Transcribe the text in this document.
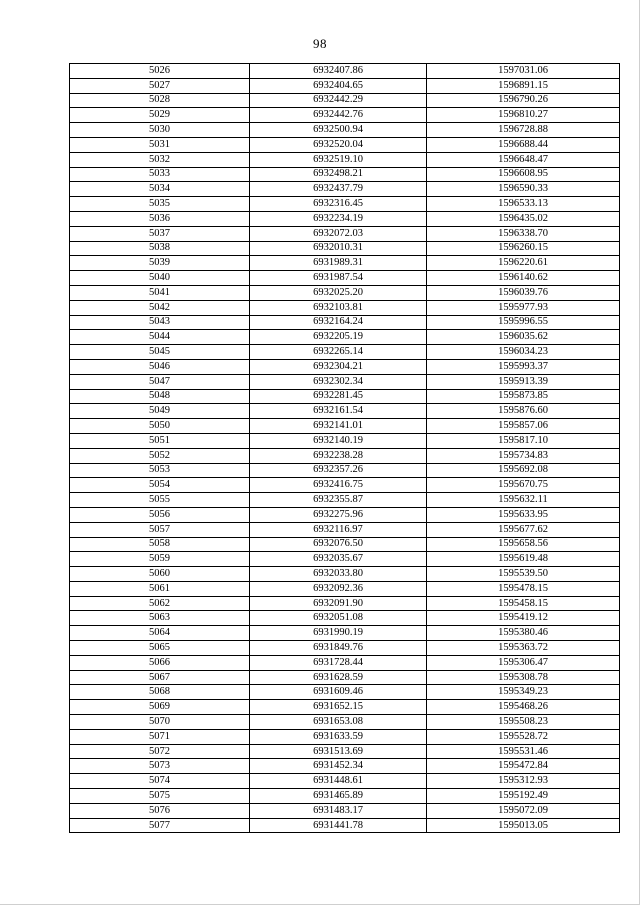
98
5026	6932407.86	1597031.06
5027	6932404.65	1596891.15
5028	6932442.29	1596790.26
5029	6932442.76	1596810.27
5030	6932500.94	1596728.88
5031	6932520.04	1596688.44
5032	6932519.10	1596648.47
5033	6932498.21	1596608.95
5034	6932437.79	1596590.33
5035	6932316.45	1596533.13
5036	6932234.19	1596435.02
5037	6932072.03	1596338.70
5038	6932010.31	1596260.15
5039	6931989.31	1596220.61
5040	6931987.54	1596140.62
5041	6932025.20	1596039.76
5042	6932103.81	1595977.93
5043	6932164.24	1595996.55
5044	6932205.19	1596035.62
5045	6932265.14	1596034.23
5046	6932304.21	1595993.37
5047	6932302.34	1595913.39
5048	6932281.45	1595873.85
5049	6932161.54	1595876.60
5050	6932141.01	1595857.06
5051	6932140.19	1595817.10
5052	6932238.28	1595734.83
5053	6932357.26	1595692.08
5054	6932416.75	1595670.75
5055	6932355.87	1595632.11
5056	6932275.96	1595633.95
5057	6932116.97	1595677.62
5058	6932076.50	1595658.56
5059	6932035.67	1595619.48
5060	6932033.80	1595539.50
5061	6932092.36	1595478.15
5062	6932091.90	1595458.15
5063	6932051.08	1595419.12
5064	6931990.19	1595380.46
5065	6931849.76	1595363.72
5066	6931728.44	1595306.47
5067	6931628.59	1595308.78
5068	6931609.46	1595349.23
5069	6931652.15	1595468.26
5070	6931653.08	1595508.23
5071	6931633.59	1595528.72
5072	6931513.69	1595531.46
5073	6931452.34	1595472.84
5074	6931448.61	1595312.93
5075	6931465.89	1595192.49
5076	6931483.17	1595072.09
5077	6931441.78	1595013.05
